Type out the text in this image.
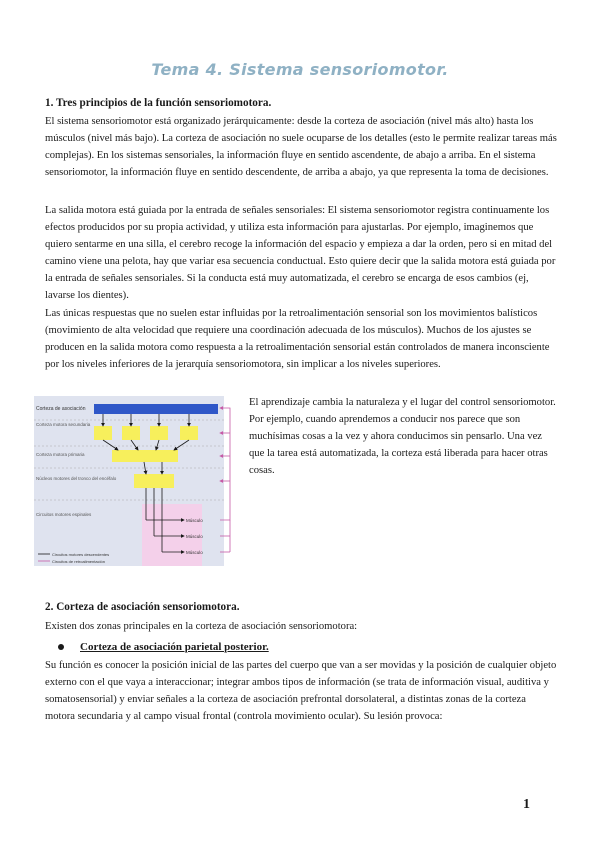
Tema 4. Sistema sensoriomotor.
1. Tres principios de la función sensoriomotora.

El sistema sensoriomotor está organizado jerárquicamente: desde la corteza de asociación (nivel más alto) hasta los músculos (nivel más bajo). La corteza de asociación no suele ocuparse de los detalles (esto le permite realizar tareas más complejas). En los sistemas sensoriales, la información fluye en sentido ascendente, de abajo a arriba. En el sistema sensoriomotor, la información fluye en sentido descendente, de arriba a abajo, ya que representa la toma de decisiones.

La salida motora está guiada por la entrada de señales sensoriales: El sistema sensoriomotor registra continuamente los efectos producidos por su propia actividad, y utiliza esta información para ajustarlas. Por ejemplo, imaginemos que quiero sentarme en una silla, el cerebro recoge la información del espacio y empieza a dar la orden, pero si en mitad del camino viene una pelota, hay que variar esa secuencia conductual. Esto quiere decir que la salida motora está guiada por la entrada de señales sensoriales. Si la conducta está muy automatizada, el cerebro se encarga de esos cambios (ej, lavarse los dientes).

Las únicas respuestas que no suelen estar influidas por la retroalimentación sensorial son los movimientos balísticos (movimiento de alta velocidad que requiere una coordinación adecuada de los músculos). Muchos de los ajustes se producen en la salida motora como respuesta a la retroalimentación sensorial están controlados de manera inconsciente por los niveles inferiores de la jerarquía sensoriomotora, sin implicar a los niveles superiores.

Corteza de asociación
Corteza motora secundaria
Corteza motora primaria
Núcleos motores del tronco del encéfalo
Circuitos motores espinales
Músculo
Músculo
Músculo
Circuitos motores descendentes
Circuitos de retroalimentación

El aprendizaje cambia la naturaleza y el lugar del control sensoriomotor. Por ejemplo, cuando aprendemos a conducir nos parece que son muchísimas cosas a la vez y ahora conducimos sin pensarlo. Una vez que la tarea está automatizada, la corteza está liberada para hacer otras cosas.

2. Corteza de asociación sensoriomotora.

Existen dos zonas principales en la corteza de asociación sensoriomotora:

Corteza de asociación parietal posterior.

Su función es conocer la posición inicial de las partes del cuerpo que van a ser movidas y la posición de cualquier objeto externo con el que vaya a interaccionar; integrar ambos tipos de información (se trata de información visual, auditiva y somatosensorial) y enviar señales a la corteza de asociación prefrontal dorsolateral, a distintas zonas de la corteza motora secundaria y al campo visual frontal (controla movimiento ocular). Su lesión provoca:

1
